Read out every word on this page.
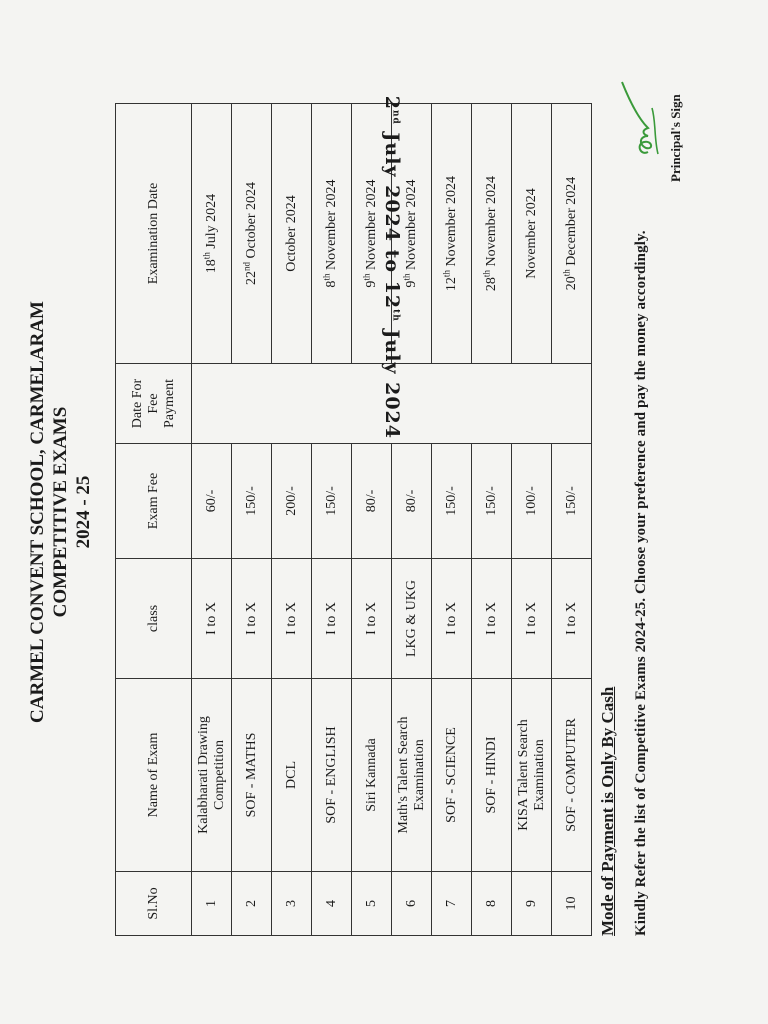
CARMEL CONVENT SCHOOL, CARMELARAM COMPETITIVE EXAMS 2024 - 25
Sl.No	Name of Exam	class	Exam Fee	Date For Fee Payment	Examination Date
1	Kalabharati Drawing Competition	I to X	60/-	2nd July 2024 to 12th July 2024	18th July 2024
2	SOF - MATHS	I to X	150/-		22nd October 2024
3	DCL	I to X	200/-		October 2024
4	SOF - ENGLISH	I to X	150/-		8th November 2024
5	Siri Kannada	I to X	80/-		9th November 2024
6	Math's Talent Search Examination	LKG & UKG	80/-		9th November 2024
7	SOF - SCIENCE	I to X	150/-		12th November 2024
8	SOF - HINDI	I to X	150/-		28th November 2024
9	KISA Talent Search Examination	I to X	100/-		November 2024
10	SOF - COMPUTER	I to X	150/-		20th December 2024
Mode of Payment is Only By Cash Kindly Refer the list of Competitive Exams 2024-25. Choose your preference and pay the money accordingly.
Principal's Sign
